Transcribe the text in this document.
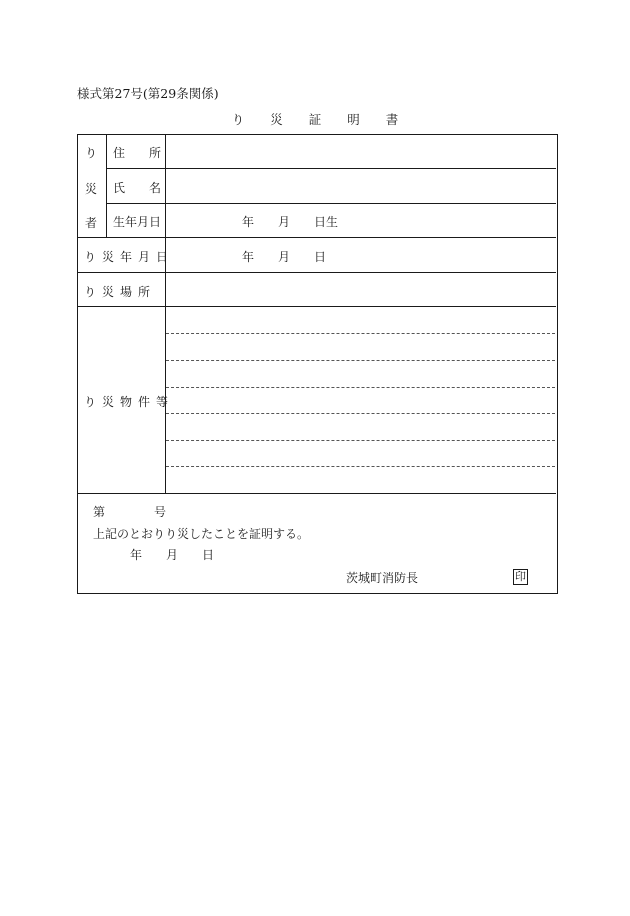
様式第27号(第29条関係)
り 災 証 明 書
り
災
者
住　　所
氏　　名
生年月日
り災年月日
り災場所
り災物件等
年 月 日生
年 月 日
第	号
上記のとおりり災したことを証明する。
年 月 日
茨城町消防長	印
